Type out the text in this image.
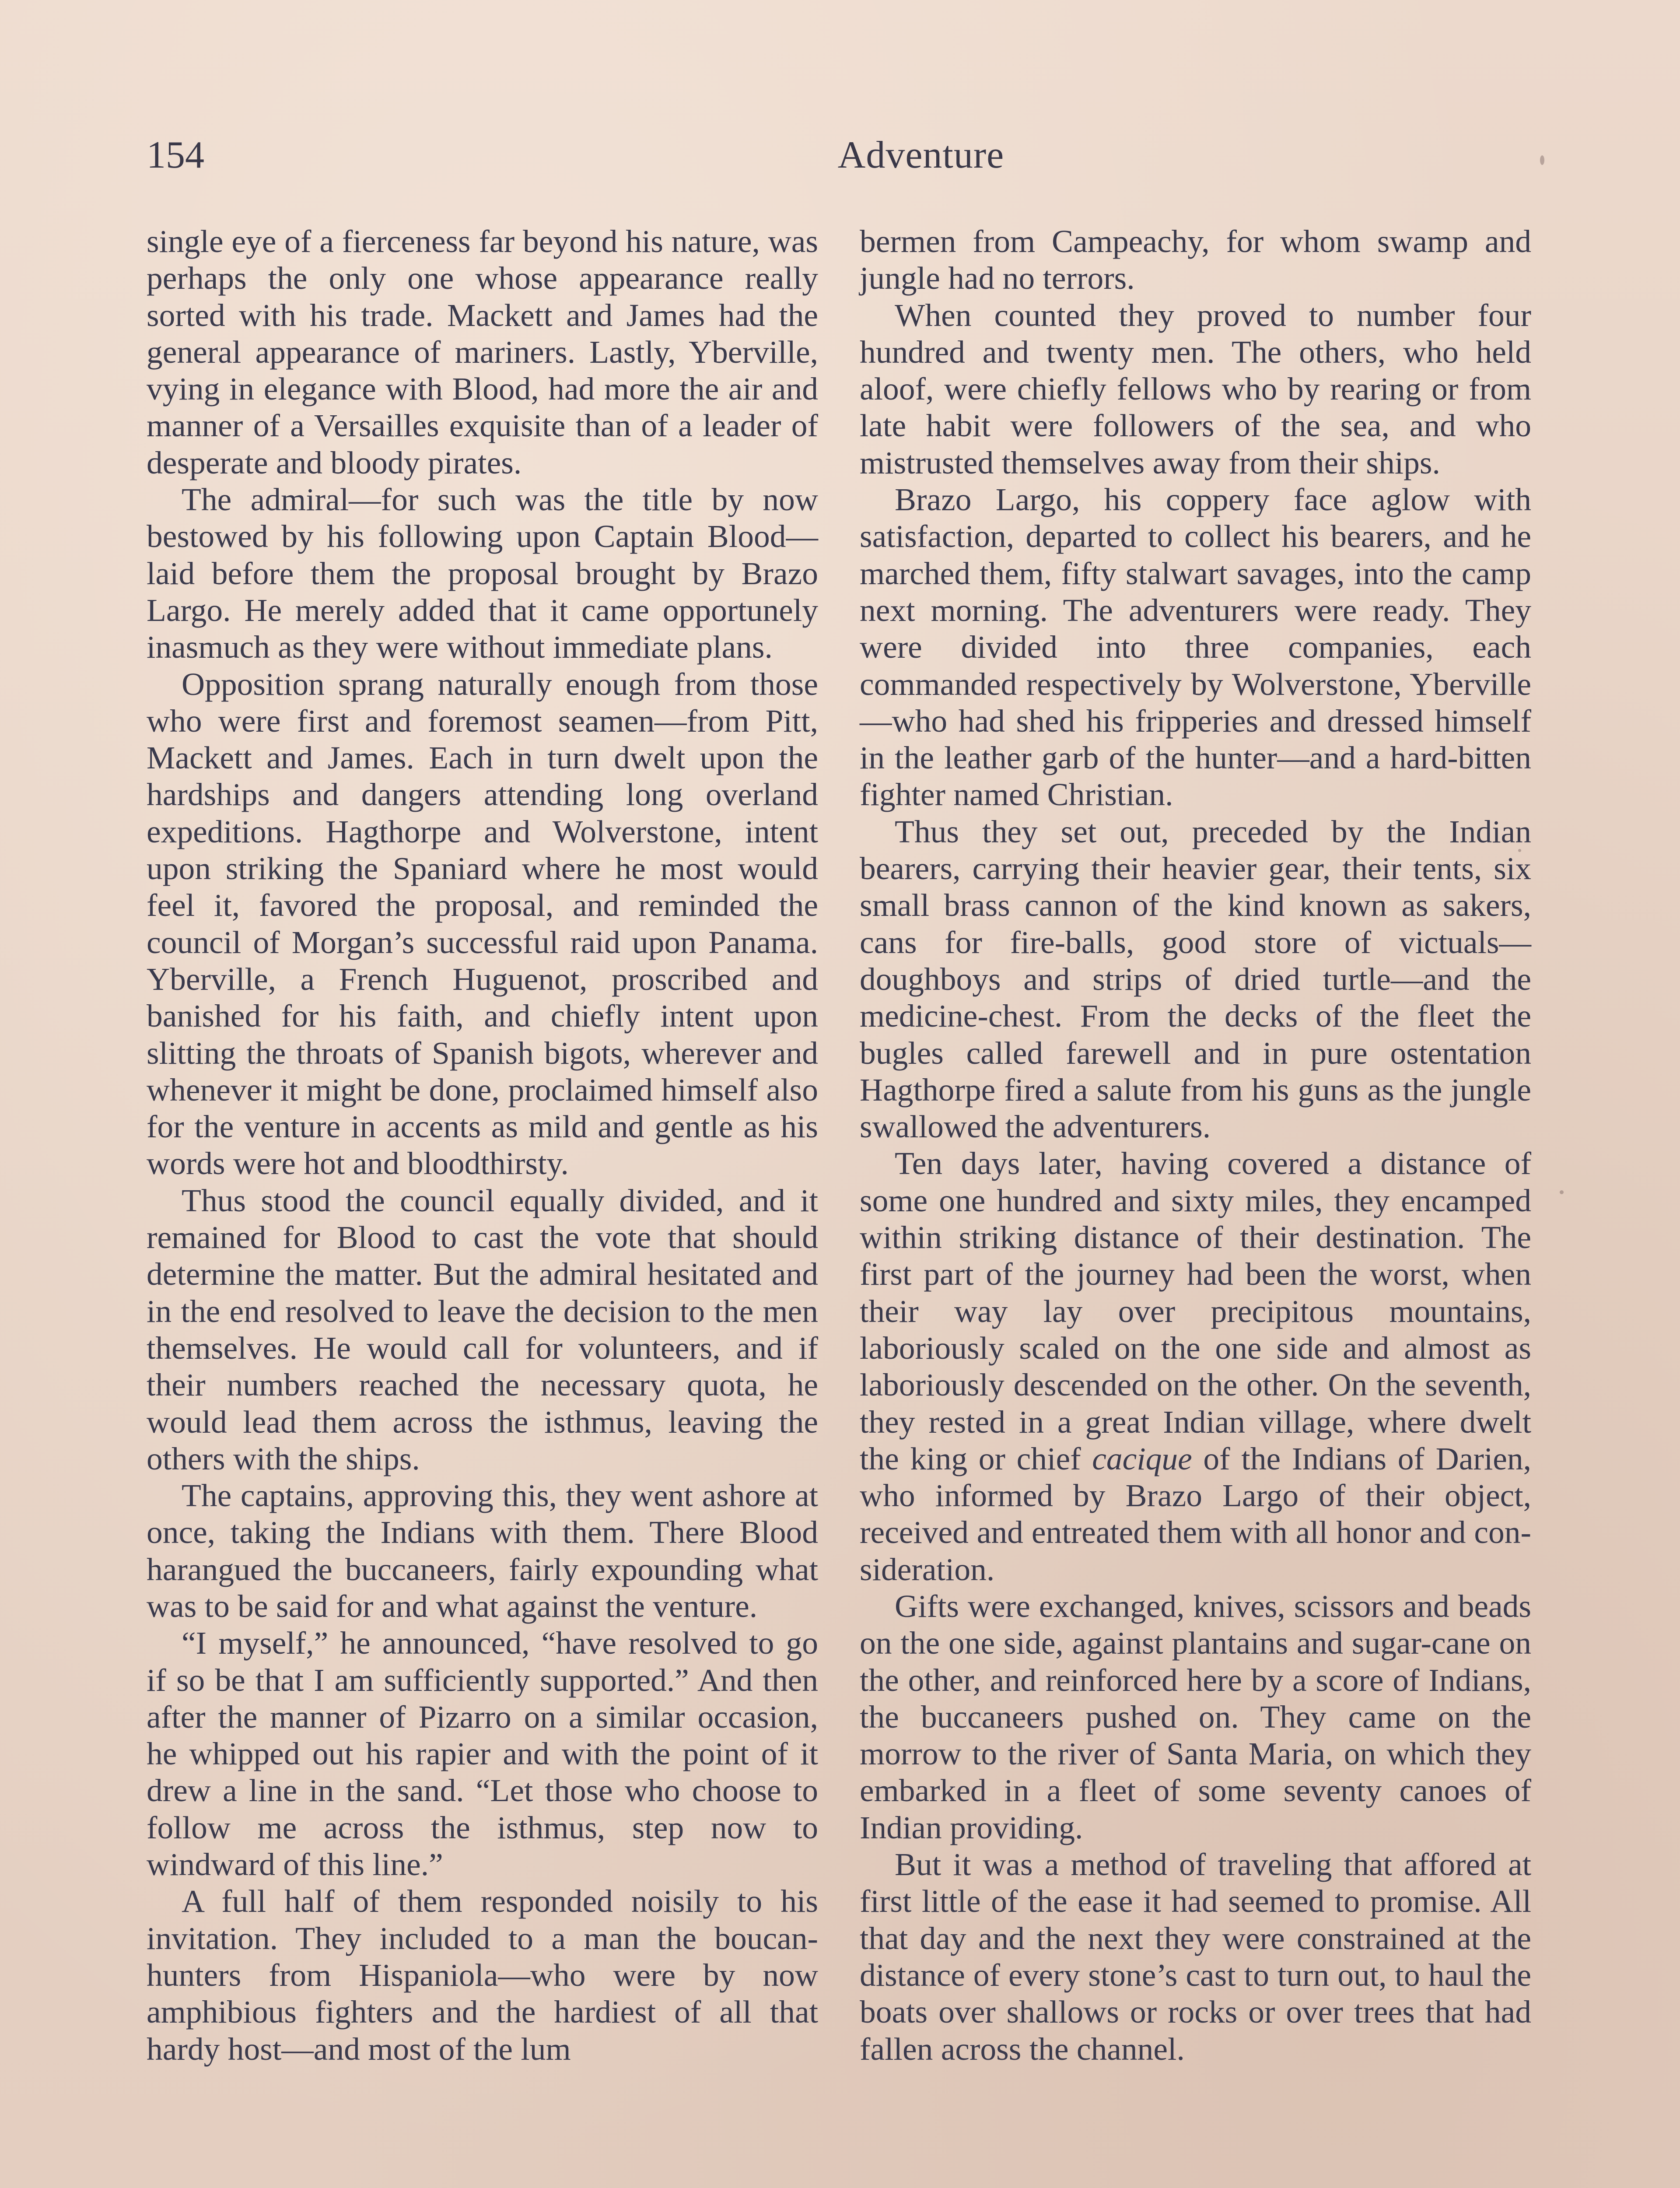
154	Adventure

single eye of a fierceness far beyond his nature, was perhaps the only one whose appearance really sorted with his trade. Mackett and James had the general appearance of mariners. Lastly, Yberville, vying in elegance with Blood, had more the air and manner of a Versailles exquisite than of a leader of desperate and bloody pirates.

The admiral—for such was the title by now bestowed by his following upon Captain Blood—laid before them the proposal brought by Brazo Largo. He merely added that it came opportunely inasmuch as they were without immediate plans.

Opposition sprang naturally enough from those who were first and foremost seamen—from Pitt, Mackett and James. Each in turn dwelt upon the hardships and dangers attending long overland expeditions. Hagthorpe and Wolverstone, intent upon striking the Spaniard where he most would feel it, favored the proposal, and reminded the council of Morgan’s successful raid upon Panama. Yberville, a French Huguenot, proscribed and banished for his faith, and chiefly intent upon slitting the throats of Spanish bigots, wherever and whenever it might be done, proclaimed himself also for the venture in accents as mild and gentle as his words were hot and bloodthirsty.

Thus stood the council equally divided, and it remained for Blood to cast the vote that should determine the matter. But the admiral hesitated and in the end resolved to leave the decision to the men themselves. He would call for volunteers, and if their numbers reached the necessary quota, he would lead them across the isthmus, leaving the others with the ships.

The captains, approving this, they went ashore at once, taking the Indians with them. There Blood harangued the buccaneers, fairly expounding what was to be said for and what against the venture.

“I myself,” he announced, “have resolved to go if so be that I am sufficiently supported.” And then after the manner of Pizarro on a similar occasion, he whipped out his rapier and with the point of it drew a line in the sand. “Let those who choose to follow me across the isthmus, step now to windward of this line.”

A full half of them responded noisily to his invitation. They included to a man the boucan-hunters from Hispaniola—who were by now amphibious fighters and the hardiest of all that hardy host—and most of the lum

bermen from Campeachy, for whom swamp and jungle had no terrors.

When counted they proved to number four hundred and twenty men. The others, who held aloof, were chiefly fellows who by rearing or from late habit were followers of the sea, and who mistrusted themselves away from their ships.

Brazo Largo, his coppery face aglow with satisfaction, departed to collect his bearers, and he marched them, fifty stalwart savages, into the camp next morning. The adventurers were ready. They were divided into three companies, each commanded respectively by Wolverstone, Yberville—who had shed his fripperies and dressed himself in the leather garb of the hunter—and a hard-bitten fighter named Christian.

Thus they set out, preceded by the Indian bearers, carrying their heavier gear, their tents, six small brass cannon of the kind known as sakers, cans for fire-balls, good store of victuals—doughboys and strips of dried turtle—and the medicine-chest. From the decks of the fleet the bugles called farewell and in pure ostentation Hagthorpe fired a salute from his guns as the jungle swallowed the adventurers.

Ten days later, having covered a distance of some one hundred and sixty miles, they encamped within striking distance of their destination. The first part of the journey had been the worst, when their way lay over precipitous mountains, laboriously scaled on the one side and almost as laboriously descended on the other. On the seventh, they rested in a great Indian village, where dwelt the king or chief cacique of the Indians of Darien, who informed by Brazo Largo of their object, received and entreated them with all honor and consideration.

Gifts were exchanged, knives, scissors and beads on the one side, against plantains and sugar-cane on the other, and reinforced here by a score of Indians, the buccaneers pushed on. They came on the morrow to the river of Santa Maria, on which they embarked in a fleet of some seventy canoes of Indian providing.

But it was a method of traveling that affored at first little of the ease it had seemed to promise. All that day and the next they were constrained at the distance of every stone’s cast to turn out, to haul the boats over shallows or rocks or over trees that had fallen across the channel.
